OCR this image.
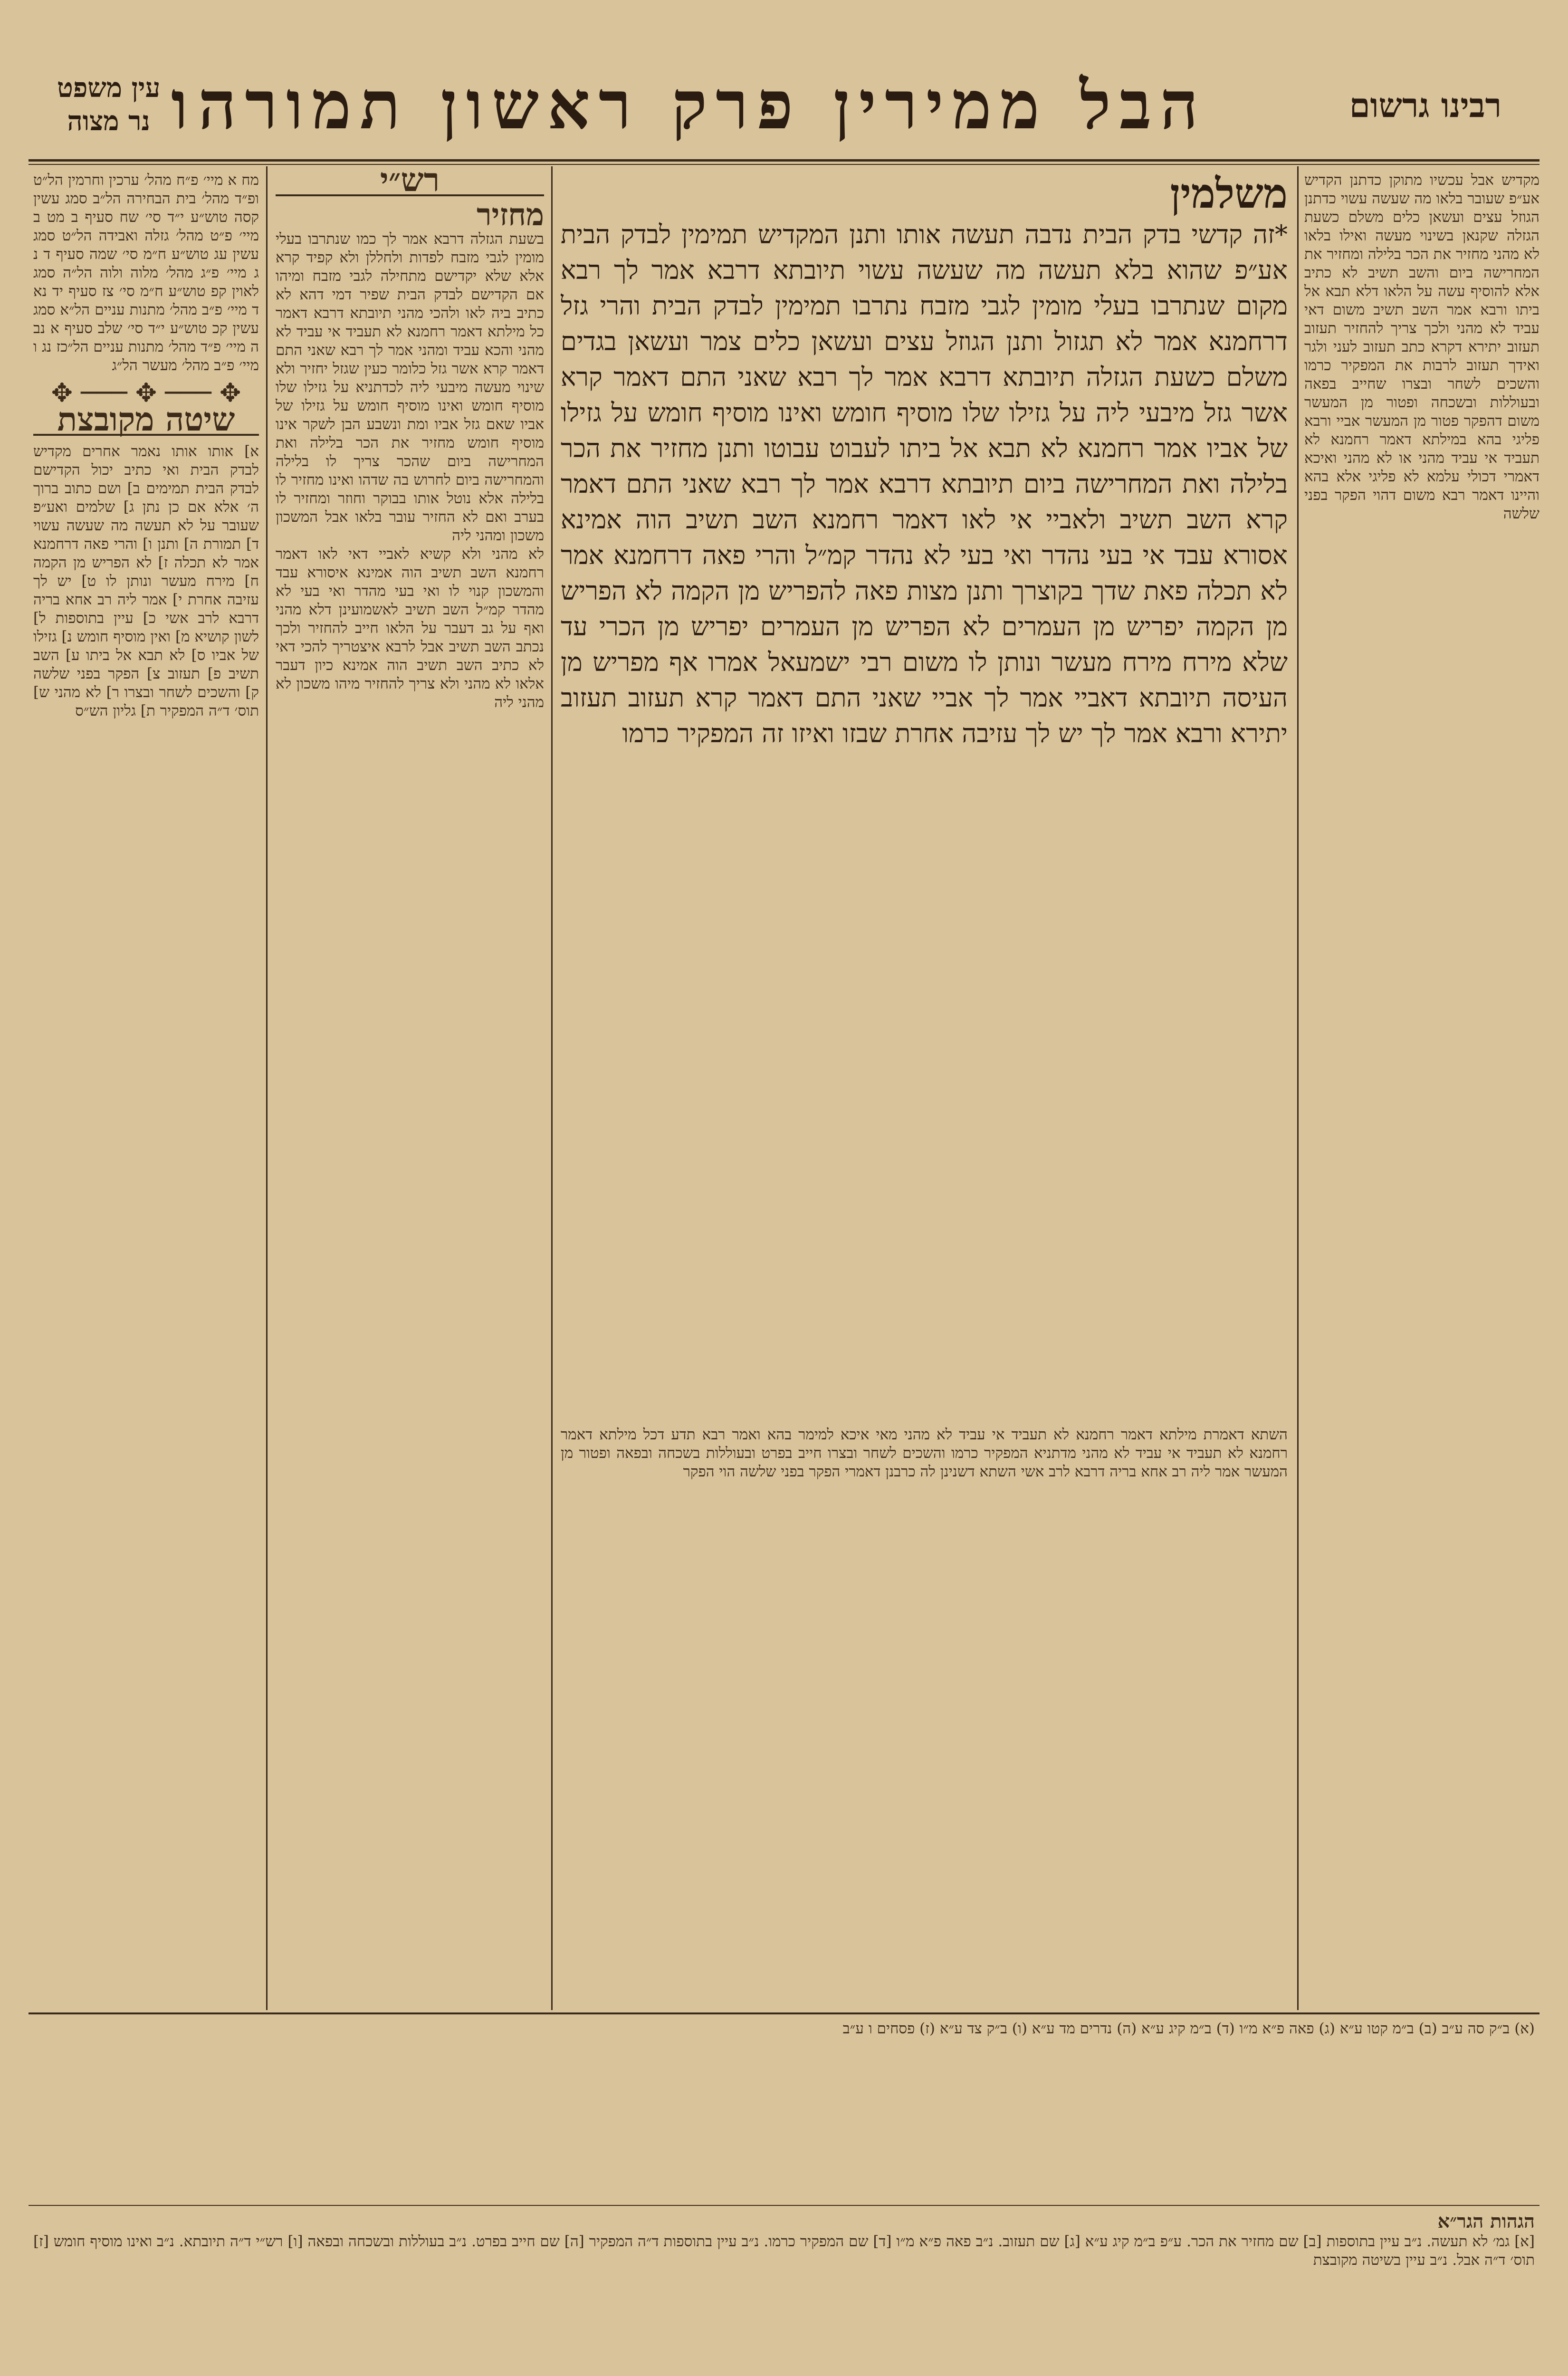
רבינו גרשום
הבל ממירין פרק ראשון תמורה
ו
עין משפט
נר מצוה

מקדיש אבל עכשיו מתוקן כדתנן הקדיש אע״פ שעובר בלאו מה שעשה עשוי כדתנן הגוזל עצים ועשאן כלים משלם כשעת הגזלה שקנאן בשינוי מעשה ואילו בלאו לא מהני מחזיר את הכר בלילה ומחזיר את המחרישה ביום והשב תשיב לא כתיב אלא להוסיף עשה על הלאו דלא תבא אל ביתו ורבא אמר השב תשיב משום דאי עביד לא מהני ולכך צריך להחזיר תעזוב תעזוב יתירא דקרא כתב תעזוב לעני ולגר ואידך תעזוב לרבות את המפקיר כרמו והשכים לשחר ובצרו שחייב בפאה ובעוללות ובשכחה ופטור מן המעשר משום דהפקר פטור מן המעשר אביי ורבא פליגי בהא במילתא דאמר רחמנא לא תעביד אי עביד מהני או לא מהני ואיכא דאמרי דכולי עלמא לא פליגי אלא בהא והיינו דאמר רבא משום דהוי הפקר בפני שלשה

משלמין

*זה קדשי בדק הבית נדבה תעשה אותו ותנן המקדיש תמימין לבדק הבית אע״פ שהוא בלא תעשה מה שעשה עשוי תיובתא דרבא אמר לך רבא מקום שנתרבו בעלי מומין לגבי מזבח נתרבו תמימין לבדק הבית והרי גזל דרחמנא אמר לא תגזול ותנן הגוזל עצים ועשאן כלים צמר ועשאן בגדים משלם כשעת הגזלה תיובתא דרבא אמר לך רבא שאני התם דאמר קרא אשר גזל מיבעי ליה על גזילו שלו מוסיף חומש ואינו מוסיף חומש על גזילו של אביו אמר רחמנא לא תבא אל ביתו לעבוט עבוטו ותנן מחזיר את הכר בלילה ואת המחרישה ביום תיובתא דרבא אמר לך רבא שאני התם דאמר קרא השב תשיב ולאביי אי לאו דאמר רחמנא השב תשיב הוה אמינא אסורא עבד אי בעי נהדר ואי בעי לא נהדר קמ״ל והרי פאה דרחמנא אמר לא תכלה פאת שדך בקוצרך ותנן מצות פאה להפריש מן הקמה לא הפריש מן הקמה יפריש מן העמרים לא הפריש מן העמרים יפריש מן הכרי עד שלא מירח מירח מעשר ונותן לו משום רבי ישמעאל אמרו אף מפריש מן העיסה תיובתא דאביי אמר לך אביי שאני התם דאמר קרא תעזוב תעזוב יתירא ורבא אמר לך יש לך עזיבה אחרת שבזו ואיזו זה המפקיר כרמו

השתא דאמרת מילתא דאמר רחמנא לא תעביד אי עביד לא מהני מאי איכא למימר בהא ואמר רבא תדע דכל מילתא דאמר רחמנא לא תעביד אי עביד לא מהני מדתניא המפקיר כרמו והשכים לשחר ובצרו חייב בפרט ובעוללות בשכחה ובפאה ופטור מן המעשר אמר ליה רב אחא בריה דרבא לרב אשי השתא דשנינן לה כרבנן דאמרי הפקר בפני שלשה הוי הפקר

רש״י
מחזיר

בשעת הגזלה דרבא אמר לך כמו שנתרבו בעלי מומין לגבי מזבח לפדות ולחללן ולא קפיד קרא אלא שלא יקדישם מתחילה לגבי מזבח ומיהו אם הקדישם לבדק הבית שפיר דמי דהא לא כתיב ביה לאו ולהכי מהני תיובתא דרבא דאמר כל מילתא דאמר רחמנא לא תעביד אי עביד לא מהני והכא עביד ומהני אמר לך רבא שאני התם דאמר קרא אשר גזל כלומר כעין שגזל יחזיר ולא שינוי מעשה מיבעי ליה לכדתניא על גזילו שלו מוסיף חומש ואינו מוסיף חומש על גזילו של אביו שאם גזל אביו ומת ונשבע הבן לשקר אינו מוסיף חומש מחזיר את הכר בלילה ואת המחרישה ביום שהכר צריך לו בלילה והמחרישה ביום לחרוש בה שדהו ואינו מחזיר לו בלילה אלא נוטל אותו בבוקר וחוזר ומחזיר לו בערב ואם לא החזיר עובר בלאו אבל המשכון משכון ומהני ליה

לא מהני ולא קשיא לאביי דאי לאו דאמר רחמנא השב תשיב הוה אמינא איסורא עבד והמשכון קנוי לו ואי בעי מהדר ואי בעי לא מהדר קמ״ל השב תשיב לאשמועינן דלא מהני ואף על גב דעבר על הלאו חייב להחזיר ולכך נכתב השב תשיב אבל לרבא איצטריך להכי דאי לא כתיב השב תשיב הוה אמינא כיון דעבר אלאו לא מהני ולא צריך להחזיר מיהו משכון לא מהני ליה

מח א מיי׳ פ״ח מהל׳ ערכין וחרמין הל״ט ופ״ד מהל׳ בית הבחירה הל״ב סמג עשין קסה טוש״ע י״ד סי׳ שח סעיף ב מט ב מיי׳ פ״ט מהל׳ גזלה ואבידה הל״ט סמג עשין עג טוש״ע ח״מ סי׳ שמה סעיף ד נ ג מיי׳ פ״ג מהל׳ מלוה ולוה הל״ה סמג לאוין קפ טוש״ע ח״מ סי׳ צז סעיף יד נא ד מיי׳ פ״ב מהל׳ מתנות עניים הל״א סמג עשין קכ טוש״ע י״ד סי׳ שלב סעיף א נב ה מיי׳ פ״ד מהל׳ מתנות עניים הל״כז נג ו מיי׳ פ״ב מהל׳ מעשר הל״ג

✥ ─── ✥ ─── ✥
שיטה מקובצת

א] אותו אותו נאמר אחרים מקדיש לבדק הבית ואי כתיב יכול הקדישם לבדק הבית תמימים ב] ושם כתוב ברוך ה׳ אלא אם כן נתן ג] שלמים ואע״פ שעובר על לא תעשה מה שעשה עשוי ד] תמורת ה] ותנן ו] והרי פאה דרחמנא אמר לא תכלה ז] לא הפריש מן הקמה ח] מירח מעשר ונותן לו ט] יש לך עזיבה אחרת י] אמר ליה רב אחא בריה דרבא לרב אשי כ] עיין בתוספות ל] לשון קושיא מ] ואין מוסיף חומש נ] גזילו של אביו ס] לא תבא אל ביתו ע] השב תשיב פ] תעזוב צ] הפקר בפני שלשה ק] והשכים לשחר ובצרו ר] לא מהני ש] תוס׳ ד״ה המפקיר ת] גליון הש״ס

(א) ב״ק סה ע״ב (ב) ב״מ קטו ע״א (ג) פאה פ״א מ״ו (ד) ב״מ קיג ע״א (ה) נדרים מד ע״א (ו) ב״ק צד ע״א (ז) פסחים ו ע״ב

הגהות הגר״א

[א] גמ׳ לא תעשה. נ״ב עיין בתוספות [ב] שם מחזיר את הכר. ע״פ ב״מ קיג ע״א [ג] שם תעזוב. נ״ב פאה פ״א מ״ו [ד] שם המפקיר כרמו. נ״ב עיין בתוספות ד״ה המפקיר [ה] שם חייב בפרט. נ״ב בעוללות ובשכחה ובפאה [ו] רש״י ד״ה תיובתא. נ״ב ואינו מוסיף חומש [ז] תוס׳ ד״ה אבל. נ״ב עיין בשיטה מקובצת
